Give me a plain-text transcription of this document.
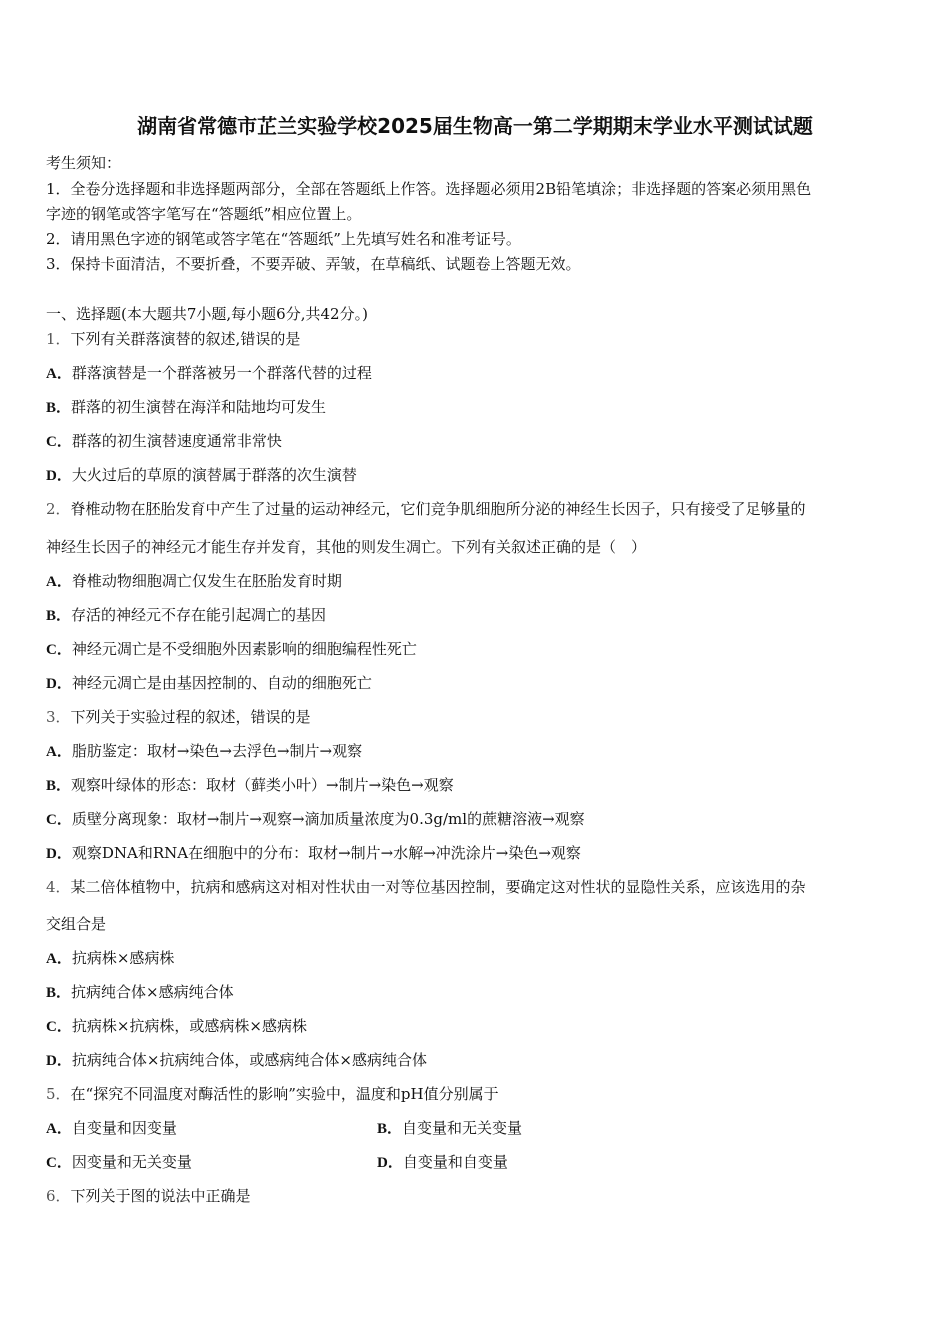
湖南省常德市芷兰实验学校2025届生物高一第二学期期末学业水平测试试题
考生须知：
1．全卷分选择题和非选择题两部分，全部在答题纸上作答。选择题必须用2B铅笔填涂；非选择题的答案必须用黑色
字迹的钢笔或答字笔写在“答题纸”相应位置上。
2．请用黑色字迹的钢笔或答字笔在“答题纸”上先填写姓名和准考证号。
3．保持卡面清洁，不要折叠，不要弄破、弄皱，在草稿纸、试题卷上答题无效。
一、选择题(本大题共7小题,每小题6分,共42分。)
1．下列有关群落演替的叙述,错误的是
A．群落演替是一个群落被另一个群落代替的过程
B．群落的初生演替在海洋和陆地均可发生
C．群落的初生演替速度通常非常快
D．大火过后的草原的演替属于群落的次生演替
2．脊椎动物在胚胎发育中产生了过量的运动神经元，它们竞争肌细胞所分泌的神经生长因子，只有接受了足够量的
神经生长因子的神经元才能生存并发育，其他的则发生凋亡。下列有关叙述正确的是（　）
A．脊椎动物细胞凋亡仅发生在胚胎发育时期
B．存活的神经元不存在能引起凋亡的基因
C．神经元凋亡是不受细胞外因素影响的细胞编程性死亡
D．神经元凋亡是由基因控制的、自动的细胞死亡
3．下列关于实验过程的叙述，错误的是
A．脂肪鉴定：取材→染色→去浮色→制片→观察
B．观察叶绿体的形态：取材（藓类小叶）→制片→染色→观察
C．质壁分离现象：取材→制片→观察→滴加质量浓度为0.3g/ml的蔗糖溶液→观察
D．观察DNA和RNA在细胞中的分布：取材→制片→水解→冲洗涂片→染色→观察
4．某二倍体植物中，抗病和感病这对相对性状由一对等位基因控制，要确定这对性状的显隐性关系，应该选用的杂
交组合是
A．抗病株×感病株
B．抗病纯合体×感病纯合体
C．抗病株×抗病株，或感病株×感病株
D．抗病纯合体×抗病纯合体，或感病纯合体×感病纯合体
5．在“探究不同温度对酶活性的影响”实验中，温度和pH值分别属于
A．自变量和因变量	B．自变量和无关变量
C．因变量和无关变量	D．自变量和自变量
6．下列关于图的说法中正确是
